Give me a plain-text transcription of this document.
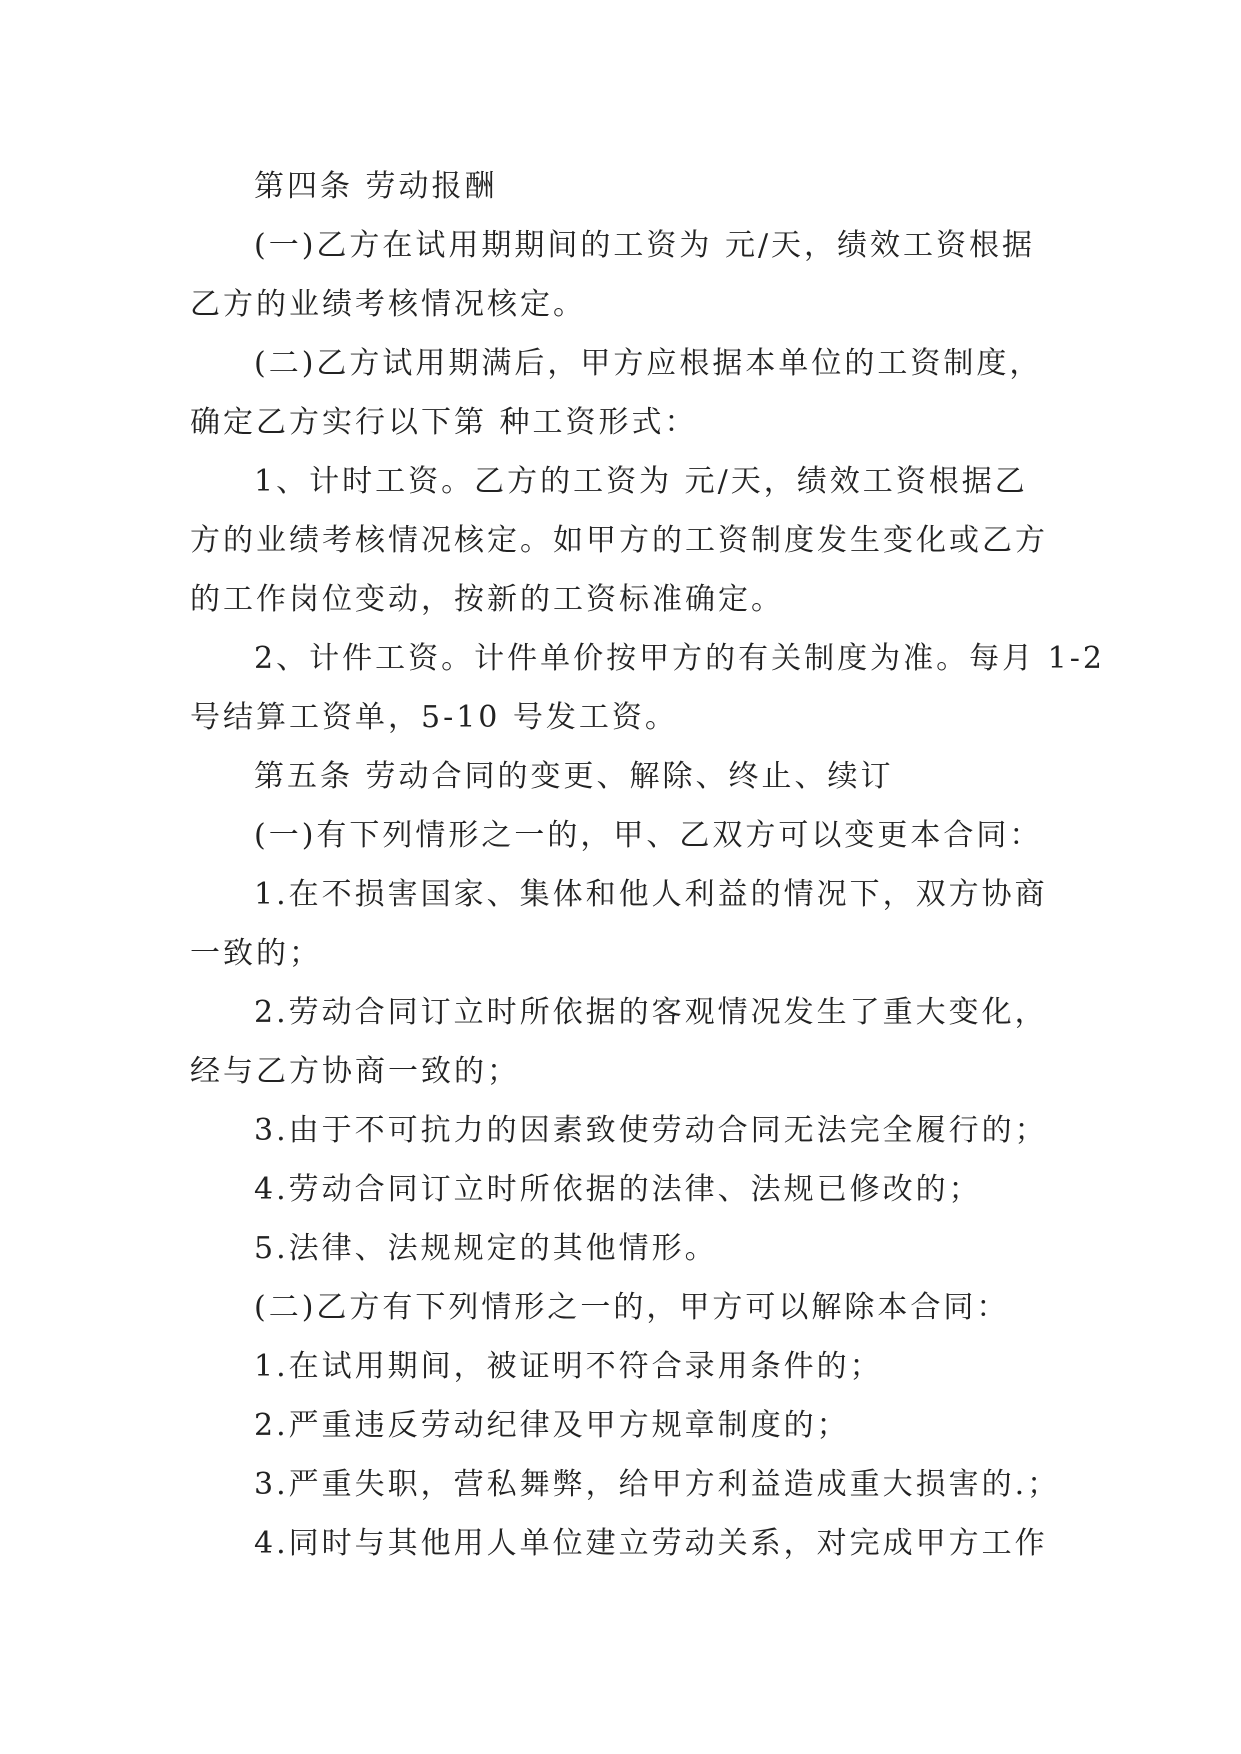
第四条 劳动报酬
(一)乙方在试用期期间的工资为 元/天，绩效工资根据
乙方的业绩考核情况核定。
(二)乙方试用期满后，甲方应根据本单位的工资制度，
确定乙方实行以下第 种工资形式：
1、计时工资。乙方的工资为 元/天，绩效工资根据乙
方的业绩考核情况核定。如甲方的工资制度发生变化或乙方
的工作岗位变动，按新的工资标准确定。
2、计件工资。计件单价按甲方的有关制度为准。每月 1-2
号结算工资单，5-10 号发工资。
第五条 劳动合同的变更、解除、终止、续订
(一)有下列情形之一的，甲、乙双方可以变更本合同：
1.在不损害国家、集体和他人利益的情况下，双方协商
一致的；
2.劳动合同订立时所依据的客观情况发生了重大变化，
经与乙方协商一致的；
3.由于不可抗力的因素致使劳动合同无法完全履行的；
4.劳动合同订立时所依据的法律、法规已修改的；
5.法律、法规规定的其他情形。
(二)乙方有下列情形之一的，甲方可以解除本合同：
1.在试用期间，被证明不符合录用条件的；
2.严重违反劳动纪律及甲方规章制度的；
3.严重失职，营私舞弊，给甲方利益造成重大损害的.；
4.同时与其他用人单位建立劳动关系，对完成甲方工作
